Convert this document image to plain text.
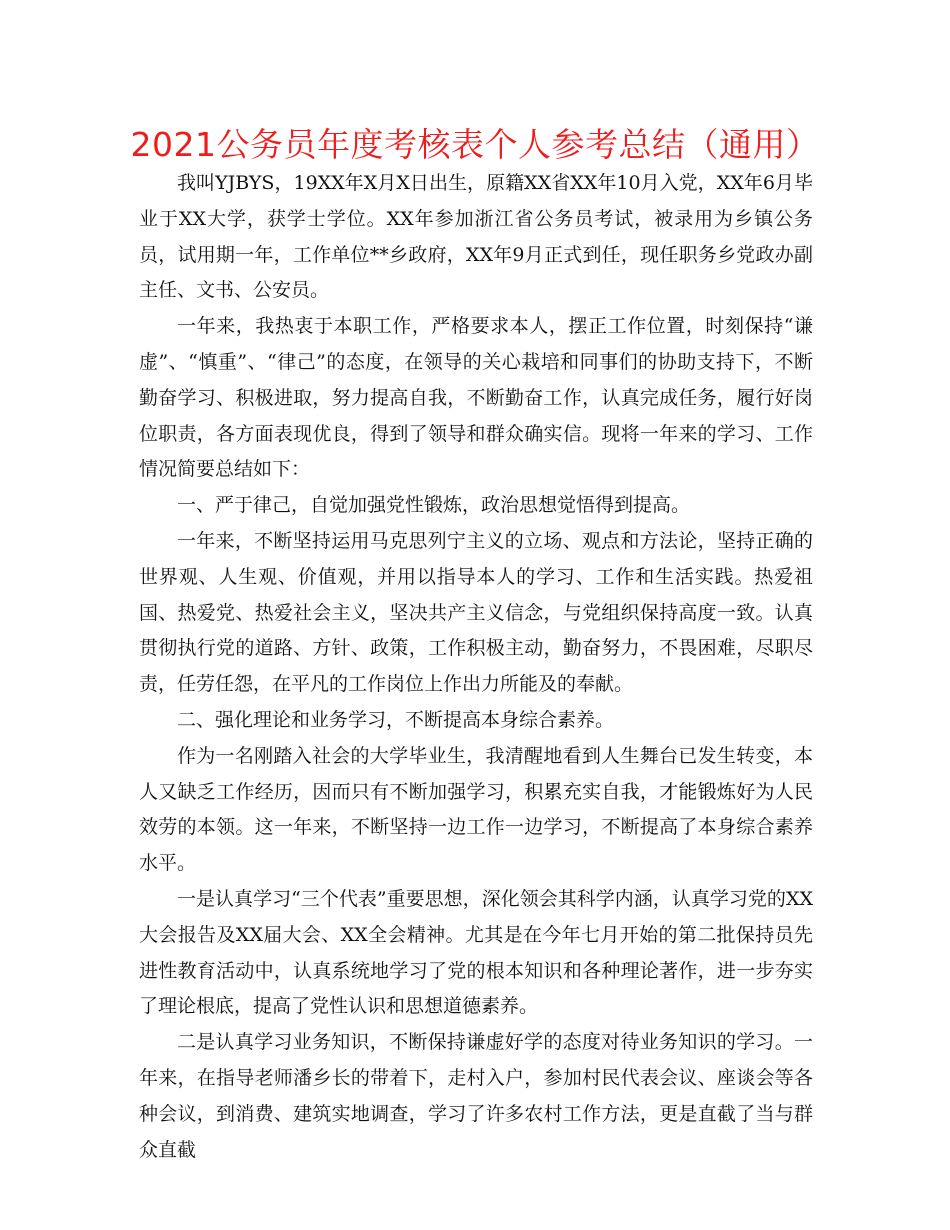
2021公务员年度考核表个人参考总结（通用）

我叫YJBYS，19XX年X月X日出生，原籍XX省XX年10月入党，XX年6月毕业于XX大学，获学士学位。XX年参加浙江省公务员考试，被录用为乡镇公务员，试用期一年，工作单位**乡政府，XX年9月正式到任，现任职务乡党政办副主任、文书、公安员。

一年来，我热衷于本职工作，严格要求本人，摆正工作位置，时刻保持“谦虚”、“慎重”、“律己”的态度，在领导的关心栽培和同事们的协助支持下，不断勤奋学习、积极进取，努力提高自我，不断勤奋工作，认真完成任务，履行好岗位职责，各方面表现优良，得到了领导和群众确实信。现将一年来的学习、工作情况简要总结如下：

一、严于律己，自觉加强党性锻炼，政治思想觉悟得到提高。

一年来，不断坚持运用马克思列宁主义的立场、观点和方法论，坚持正确的世界观、人生观、价值观，并用以指导本人的学习、工作和生活实践。热爱祖国、热爱党、热爱社会主义，坚决共产主义信念，与党组织保持高度一致。认真贯彻执行党的道路、方针、政策，工作积极主动，勤奋努力，不畏困难，尽职尽责，任劳任怨，在平凡的工作岗位上作出力所能及的奉献。

二、强化理论和业务学习，不断提高本身综合素养。

作为一名刚踏入社会的大学毕业生，我清醒地看到人生舞台已发生转变，本人又缺乏工作经历，因而只有不断加强学习，积累充实自我，才能锻炼好为人民效劳的本领。这一年来，不断坚持一边工作一边学习，不断提高了本身综合素养水平。

一是认真学习“三个代表”重要思想，深化领会其科学内涵，认真学习党的XX大会报告及XX届大会、XX全会精神。尤其是在今年七月开始的第二批保持员先进性教育活动中，认真系统地学习了党的根本知识和各种理论著作，进一步夯实了理论根底，提高了党性认识和思想道德素养。

二是认真学习业务知识，不断保持谦虚好学的态度对待业务知识的学习。一年来，在指导老师潘乡长的带着下，走村入户，参加村民代表会议、座谈会等各种会议，到消费、建筑实地调查，学习了许多农村工作方法，更是直截了当与群众直截
